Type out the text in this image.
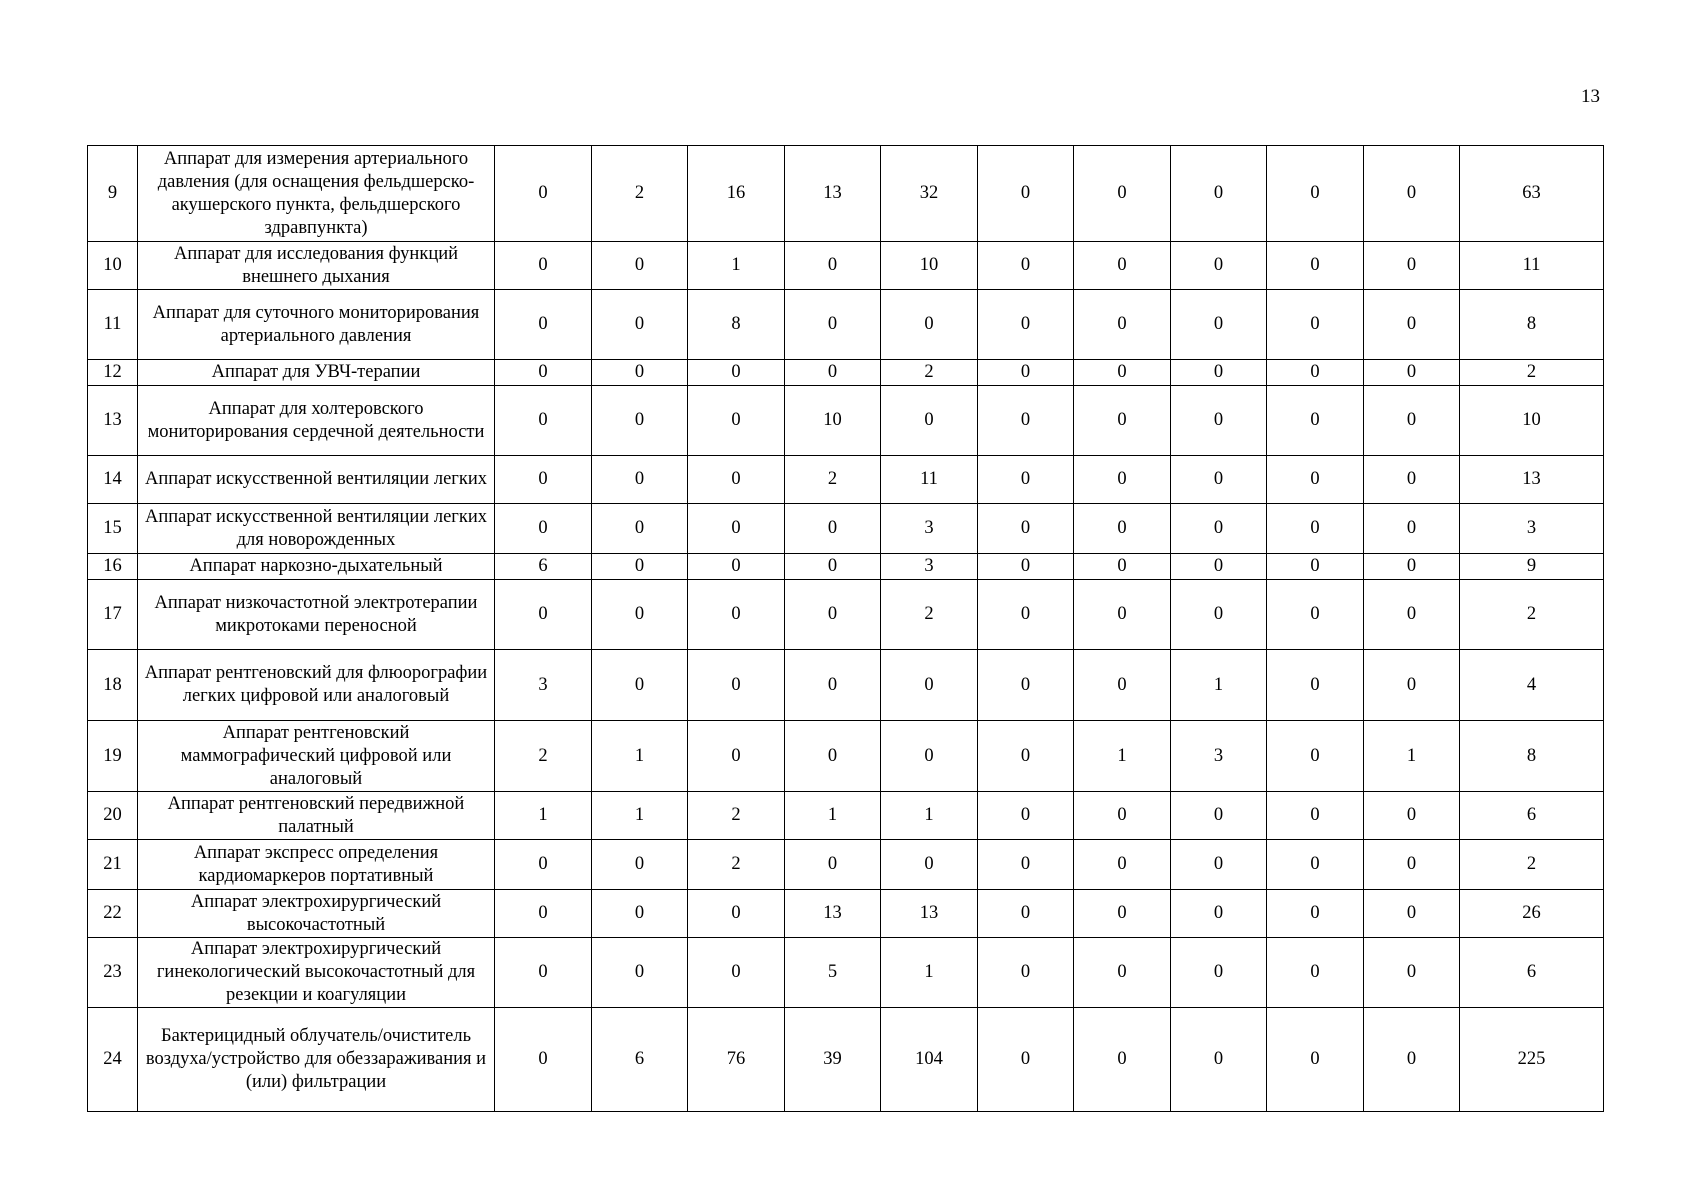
13
9	Аппарат для измерения артериального давления (для оснащения фельдшерско-акушерского пункта, фельдшерского здравпункта)	0	2	16	13	32	0	0	0	0	0	63
10	Аппарат для исследования функций внешнего дыхания	0	0	1	0	10	0	0	0	0	0	11
11	Аппарат для суточного мониторирования артериального давления	0	0	8	0	0	0	0	0	0	0	8
12	Аппарат для УВЧ-терапии	0	0	0	0	2	0	0	0	0	0	2
13	Аппарат для холтеровского мониторирования сердечной деятельности	0	0	0	10	0	0	0	0	0	0	10
14	Аппарат искусственной вентиляции легких	0	0	0	2	11	0	0	0	0	0	13
15	Аппарат искусственной вентиляции легких для новорожденных	0	0	0	0	3	0	0	0	0	0	3
16	Аппарат наркозно-дыхательный	6	0	0	0	3	0	0	0	0	0	9
17	Аппарат низкочастотной электротерапии микротоками переносной	0	0	0	0	2	0	0	0	0	0	2
18	Аппарат рентгеновский для флюорографии легких цифровой или аналоговый	3	0	0	0	0	0	0	1	0	0	4
19	Аппарат рентгеновский маммографический цифровой или аналоговый	2	1	0	0	0	0	1	3	0	1	8
20	Аппарат рентгеновский передвижной палатный	1	1	2	1	1	0	0	0	0	0	6
21	Аппарат экспресс определения кардиомаркеров портативный	0	0	2	0	0	0	0	0	0	0	2
22	Аппарат электрохирургический высокочастотный	0	0	0	13	13	0	0	0	0	0	26
23	Аппарат электрохирургический гинекологический высокочастотный для резекции и коагуляции	0	0	0	5	1	0	0	0	0	0	6
24	Бактерицидный облучатель/очиститель воздуха/устройство для обеззараживания и (или) фильтрации	0	6	76	39	104	0	0	0	0	0	225
